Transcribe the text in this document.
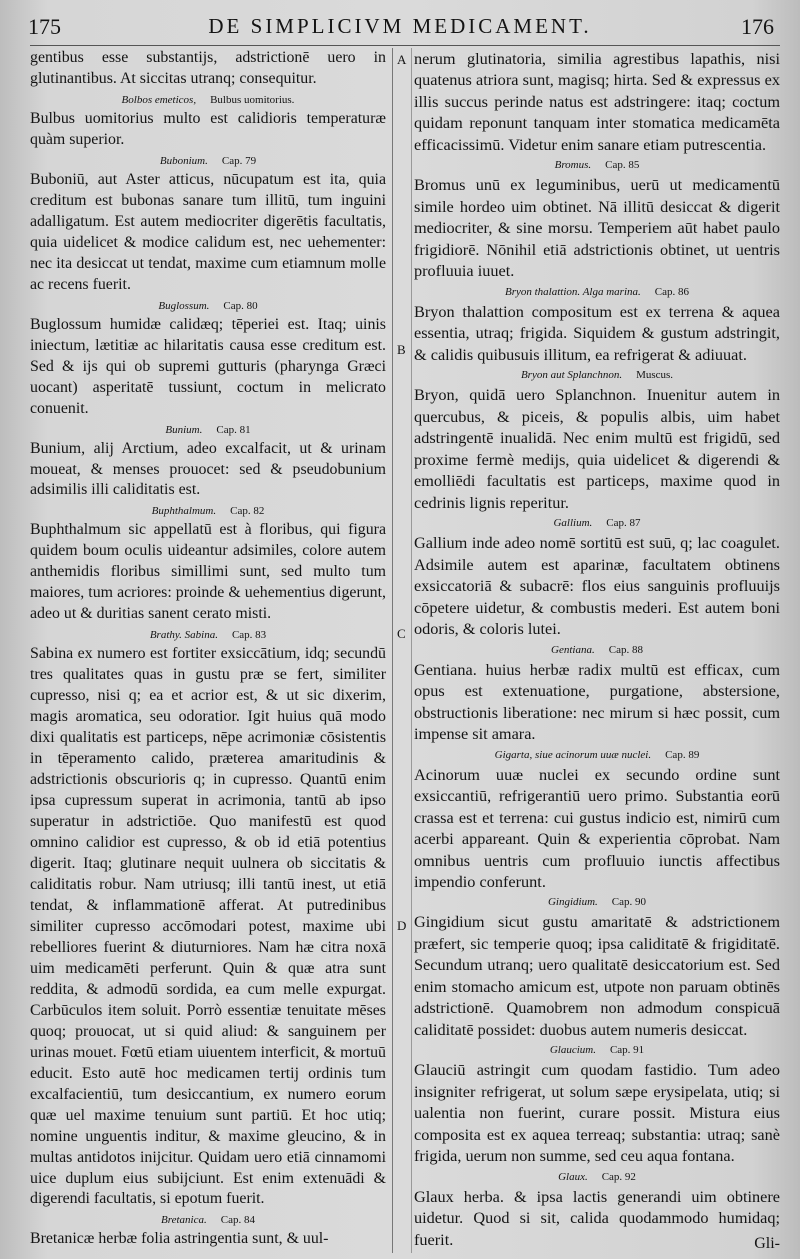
175	DE SIMPLICIVM MEDICAMENT.	176

gentibus esse substantijs, adstrictionē uero in glutinantibus. At siccitas utranq; consequitur.

Bolbos emeticos, Bulbus uomitorius.

Bulbus uomitorius multo est calidioris temperaturæ quàm superior.

Bubonium. Cap. 79

Buboniū, aut Aster atticus, nūcupatum est ita, quia creditum est bubonas sanare tum illitū, tum inguini adalligatum. Est autem mediocriter digerētis facultatis, quia uidelicet & modice calidum est, nec uehementer: nec ita desiccat ut tendat, maxime cum etiamnum molle ac recens fuerit.

Buglossum. Cap. 80

Buglossum humidæ calidæq; tēperiei est. Itaq; uinis iniectum, lætitiæ ac hilaritatis causa esse creditum est. Sed & ijs qui ob supremi gutturis (pharynga Græci uocant) asperitatē tussiunt, coctum in melicrato conuenit.

Bunium. Cap. 81

Bunium, alij Arctium, adeo excalfacit, ut & urinam moueat, & menses prouocet: sed & pseudobunium adsimilis illi caliditatis est.

Buphthalmum. Cap. 82

Buphthalmum sic appellatū est à floribus, qui figura quidem boum oculis uideantur adsimiles, colore autem anthemidis floribus simillimi sunt, sed multo tum maiores, tum acriores: proinde & uehementius digerunt, adeo ut & duritias sanent cerato misti.

Brathy. Sabina. Cap. 83

Sabina ex numero est fortiter exsiccātium, idq; secundū tres qualitates quas in gustu præ se fert, similiter cupresso, nisi q; ea et acrior est, & ut sic dixerim, magis aromatica, seu odoratior. Igit huius quā modo dixi qualitatis est particeps, nēpe acrimoniæ cōsistentis in tēperamento calido, præterea amaritudinis & adstrictionis obscurioris q; in cupresso. Quantū enim ipsa cupressum superat in acrimonia, tantū ab ipso superatur in adstrictiōe. Quo manifestū est quod omnino calidior est cupresso, & ob id etiā potentius digerit. Itaq; glutinare nequit uulnera ob siccitatis & caliditatis robur. Nam utriusq; illi tantū inest, ut etiā tendat, & inflammationē afferat. At putredinibus similiter cupresso accōmodari potest, maxime ubi rebelliores fuerint & diuturniores. Nam hæ citra noxā uim medicamēti perferunt. Quin & quæ atra sunt reddita, & admodū sordida, ea cum melle expurgat. Carbūculos item soluit. Porrò essentiæ tenuitate mēses quoq; prouocat, ut si quid aliud: & sanguinem per urinas mouet. Fœtū etiam uiuentem interficit, & mortuū educit. Esto autē hoc medicamen tertij ordinis tum excalfacientiū, tum desiccantium, ex numero eorum quæ uel maxime tenuium sunt partiū. Et hoc utiq; nomine unguentis inditur, & maxime gleucino, & in multas antidotos inijcitur. Quidam uero etiā cinnamomi uice duplum eius subijciunt. Est enim extenuādi & digerendi facultatis, si epotum fuerit.

Bretanica. Cap. 84

Bretanicæ herbæ folia astringentia sunt, & uul-

A
B
C
D

nerum glutinatoria, similia agrestibus lapathis, nisi quatenus atriora sunt, magisq; hirta. Sed & expressus ex illis succus perinde natus est adstringere: itaq; coctum quidam reponunt tanquam inter stomatica medicamēta efficacissimū. Videtur enim sanare etiam putrescentia.

Bromus. Cap. 85

Bromus unū ex leguminibus, uerū ut medicamentū simile hordeo uim obtinet. Nā illitū desiccat & digerit mediocriter, & sine morsu. Temperiem aūt habet paulo frigidiorē. Nōnihil etiā adstrictionis obtinet, ut uentris profluuia iuuet.

Bryon thalattion. Alga marina. Cap. 86

Bryon thalattion compositum est ex terrena & aquea essentia, utraq; frigida. Siquidem & gustum adstringit, & calidis quibusuis illitum, ea refrigerat & adiuuat.

Bryon aut Splanchnon. Muscus.

Bryon, quidā uero Splanchnon. Inuenitur autem in quercubus, & piceis, & populis albis, uim habet adstringentē inualidā. Nec enim multū est frigidū, sed proxime fermè medijs, quia uidelicet & digerendi & emolliēdi facultatis est particeps, maxime quod in cedrinis lignis reperitur.

Gallium. Cap. 87

Gallium inde adeo nomē sortitū est suū, q; lac coagulet. Adsimile autem est aparinæ, facultatem obtinens exsiccatoriā & subacrē: flos eius sanguinis profluuijs cōpetere uidetur, & combustis mederi. Est autem boni odoris, & coloris lutei.

Gentiana. Cap. 88

Gentiana. huius herbæ radix multū est efficax, cum opus est extenuatione, purgatione, abstersione, obstructionis liberatione: nec mirum si hæc possit, cum impense sit amara.

Gigarta, siue acinorum uuæ nuclei. Cap. 89

Acinorum uuæ nuclei ex secundo ordine sunt exsiccantiū, refrigerantiū uero primo. Substantia eorū crassa est et terrena: cui gustus indicio est, nimirū cum acerbi appareant. Quin & experientia cōprobat. Nam omnibus uentris cum profluuio iunctis affectibus impendio conferunt.

Gingidium. Cap. 90

Gingidium sicut gustu amaritatē & adstrictionem præfert, sic temperie quoq; ipsa caliditatē & frigiditatē. Secundum utranq; uero qualitatē desiccatorium est. Sed enim stomacho amicum est, utpote non paruam obtinēs adstrictionē. Quamobrem non admodum conspicuā caliditatē possidet: duobus autem numeris desiccat.

Glaucium. Cap. 91

Glauciū astringit cum quodam fastidio. Tum adeo insigniter refrigerat, ut solum sæpe erysipelata, utiq; si ualentia non fuerint, curare possit. Mistura eius composita est ex aquea terreaq; substantia: utraq; sanè frigida, uerum non summe, sed ceu aqua fontana.

Glaux. Cap. 92

Glaux herba. & ipsa lactis generandi uim obtinere uidetur. Quod si sit, calida quodammodo humidaq; fuerit.	Gli-
